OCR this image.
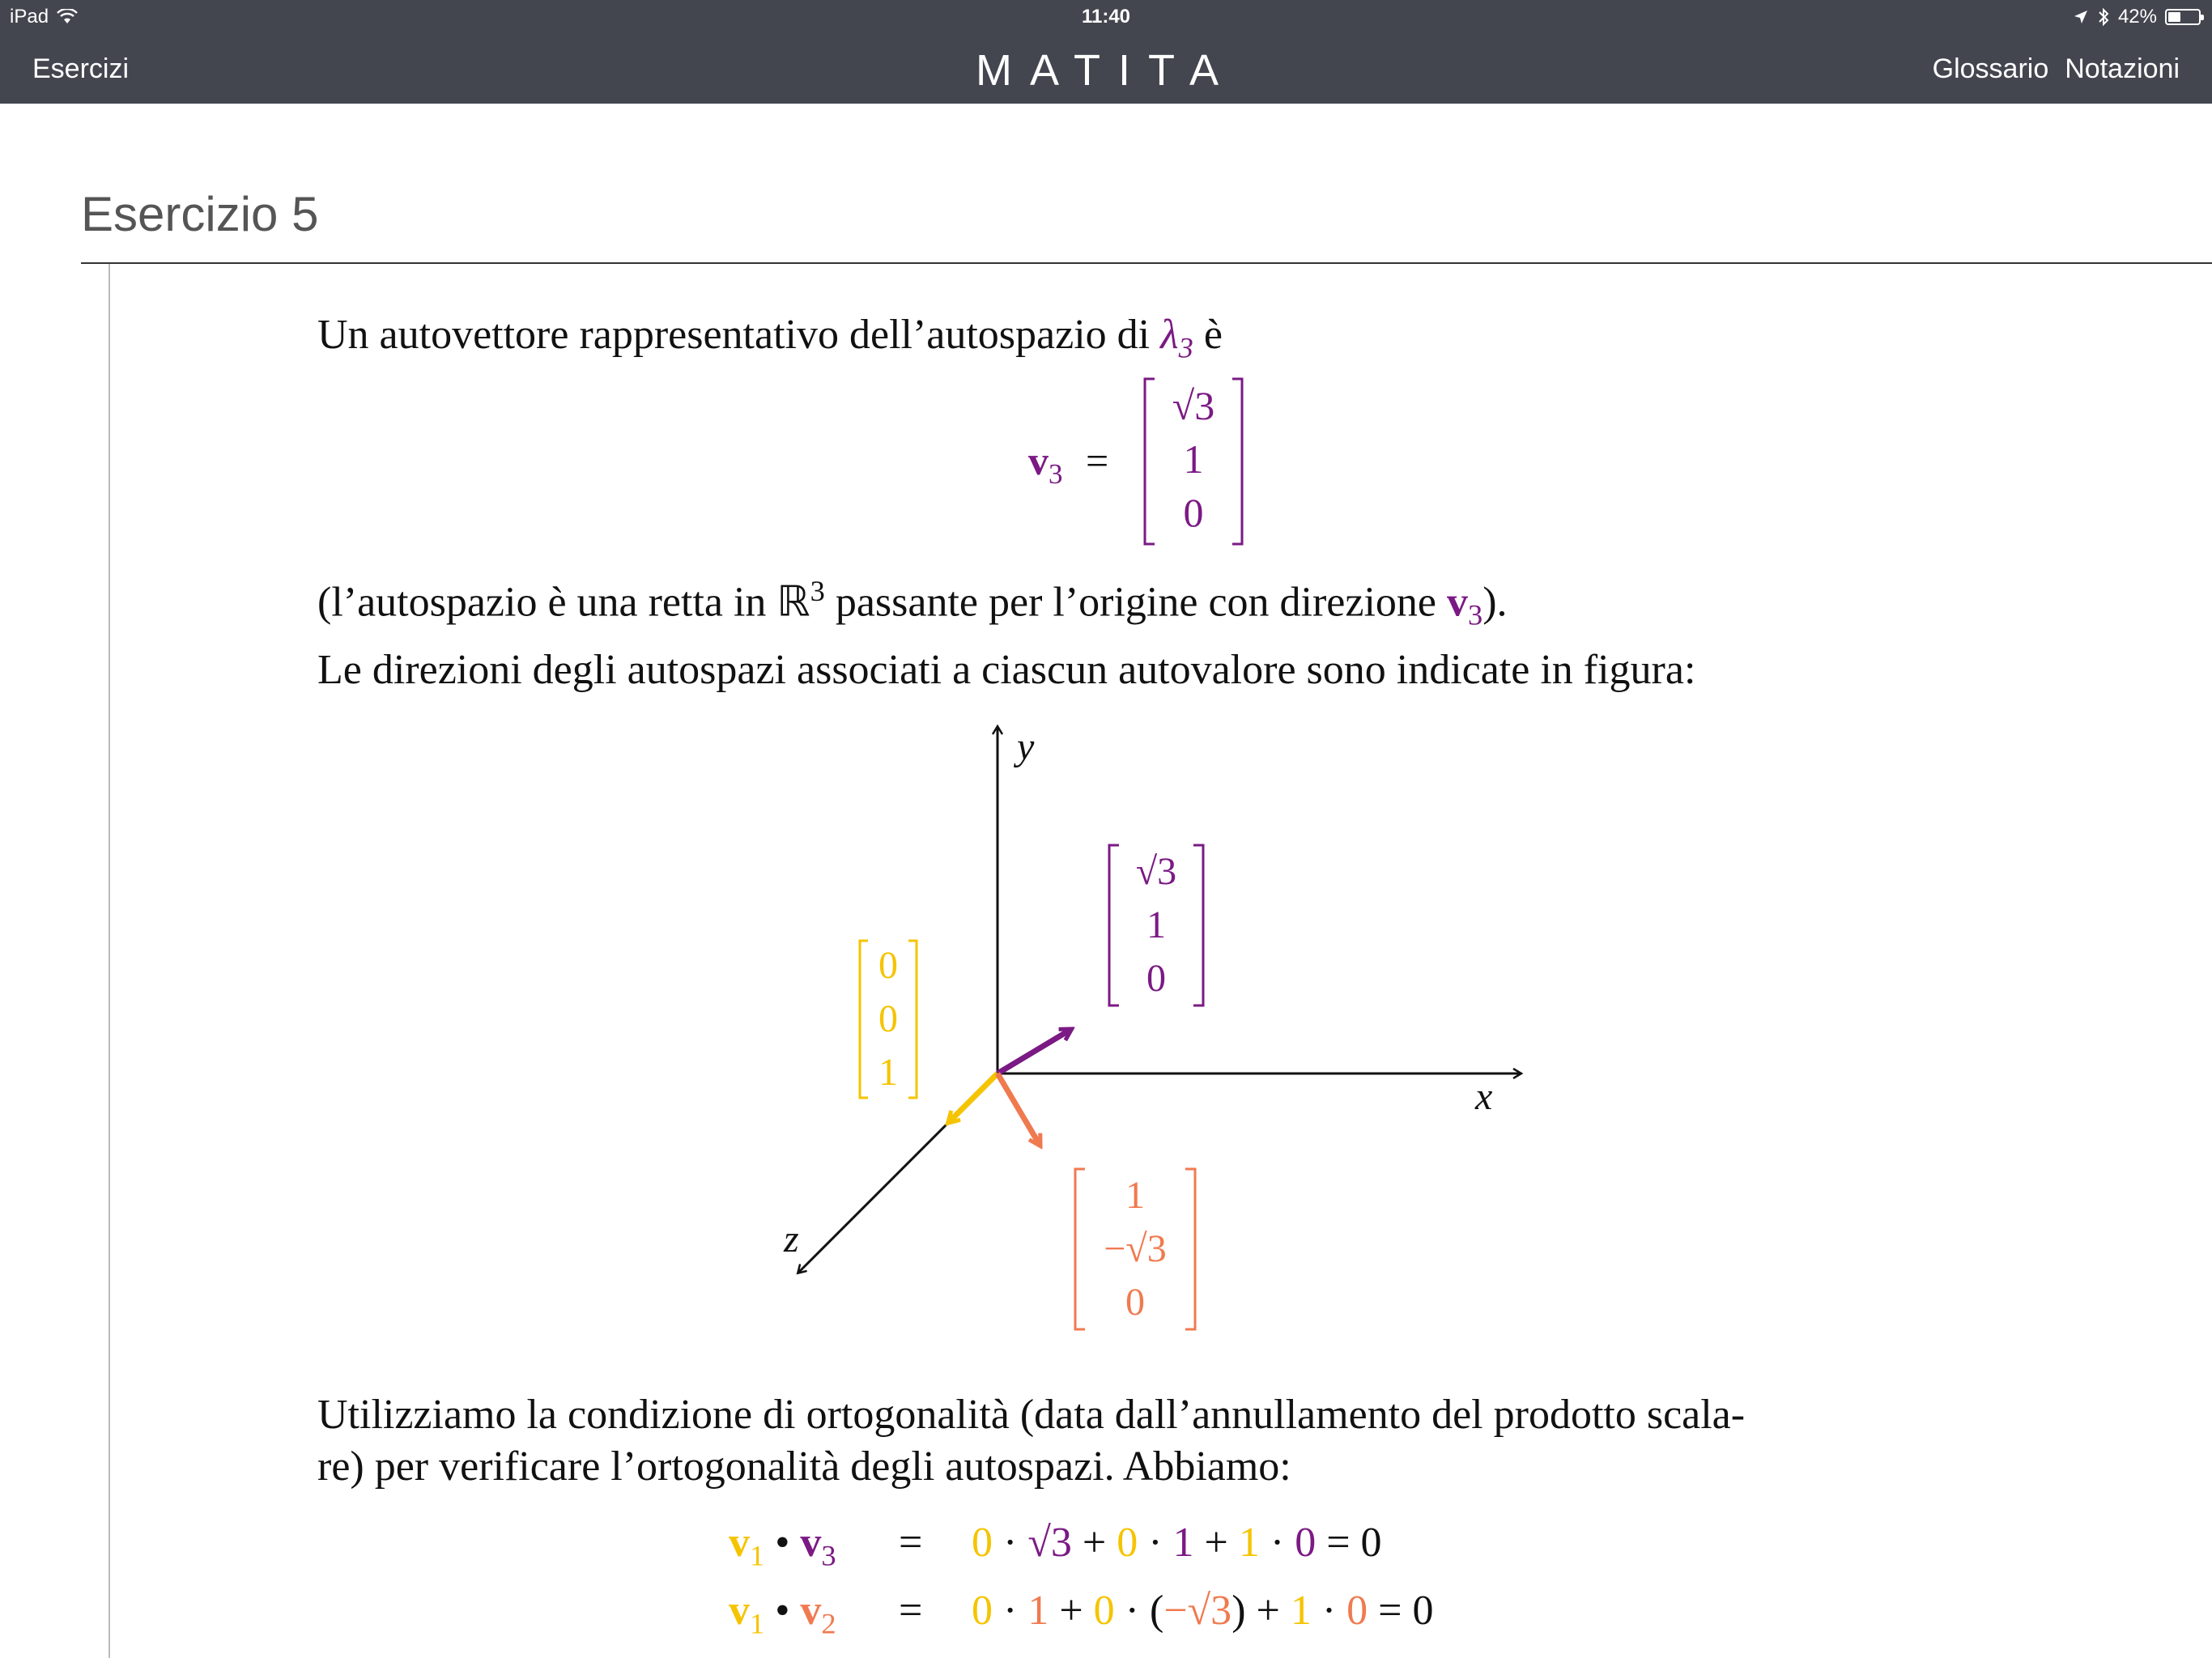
iPad	11:40	42%
Esercizi	MATITA	Glossario Notazioni
Esercizio 5
Un autovettore rappresentativo dell’autospazio di $\lambda_3$ è
$v_3$ =
√3
1
0
(l’autospazio è una retta in ℝ$^3$ passante per l’origine con direzione $v_3$).
Le direzioni degli autospazi associati a ciascun autovalore sono indicate in figura:
y
x
z
0
0
1
√3
1
0
1
−√3
0
Utilizziamo la condizione di ortogonalità (data dall’annullamento del prodotto scala-
re) per verificare l’ortogonalità degli autospazi. Abbiamo:
$v_1$ • $v_3 = 0 \cdot √3 + 0 \cdot 1 + 1 \cdot 0 = 0$
$v_1$ • $v_2 = 0 \cdot 1 + 0 \cdot (-√3) + 1 \cdot 0 = 0$
